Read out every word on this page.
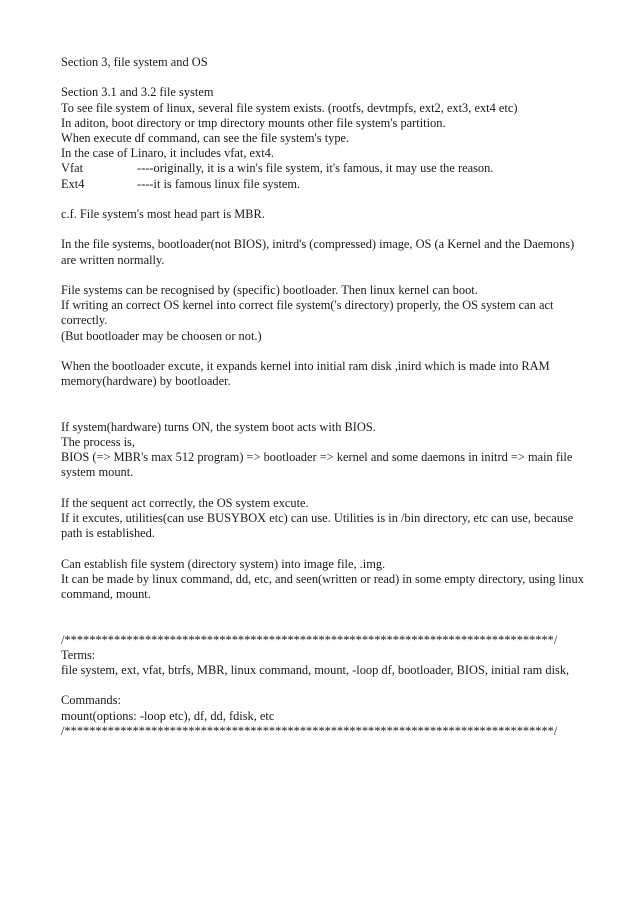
Section 3, file system and OS
Section 3.1 and 3.2 file system
To see file system of linux, several file system exists. (rootfs, devtmpfs, ext2, ext3, ext4 etc)
In aditon, boot directory or tmp directory mounts other file system's partition.
When execute df command, can see the file system's type.
In the case of Linaro, it includes vfat, ext4.
Vfat	----originally, it is a win's file system, it's famous, it may use the reason.
Ext4	----it is famous linux file system.
c.f. File system's most head part is MBR.
In the file systems, bootloader(not BIOS), initrd's (compressed) image, OS (a Kernel and the Daemons) are written normally.
File systems can be recognised by (specific) bootloader. Then linux kernel can boot.
If writing an correct OS kernel into correct file system('s directory) properly, the OS system can act correctly.
(But bootloader may be choosen or not.)
When the bootloader excute, it expands kernel into initial ram disk ,inird which is made into RAM memory(hardware) by bootloader.
If system(hardware) turns ON, the system boot acts with BIOS.
The process is,
BIOS (=> MBR's max 512 program) => bootloader => kernel and some daemons in initrd => main file system mount.
If the sequent act correctly, the OS system excute.
If it excutes, utilities(can use BUSYBOX etc) can use. Utilities is in /bin directory, etc can use, because path is established.
Can establish file system (directory system) into image file, .img.
It can be made by linux command, dd, etc, and seen(written or read) in some empty directory, using linux command, mount.
/*******************************************************************************/
Terms:
file system, ext, vfat, btrfs, MBR, linux command, mount, -loop df, bootloader, BIOS, initial ram disk,
Commands:
mount(options: -loop etc), df, dd, fdisk, etc
/*******************************************************************************/
